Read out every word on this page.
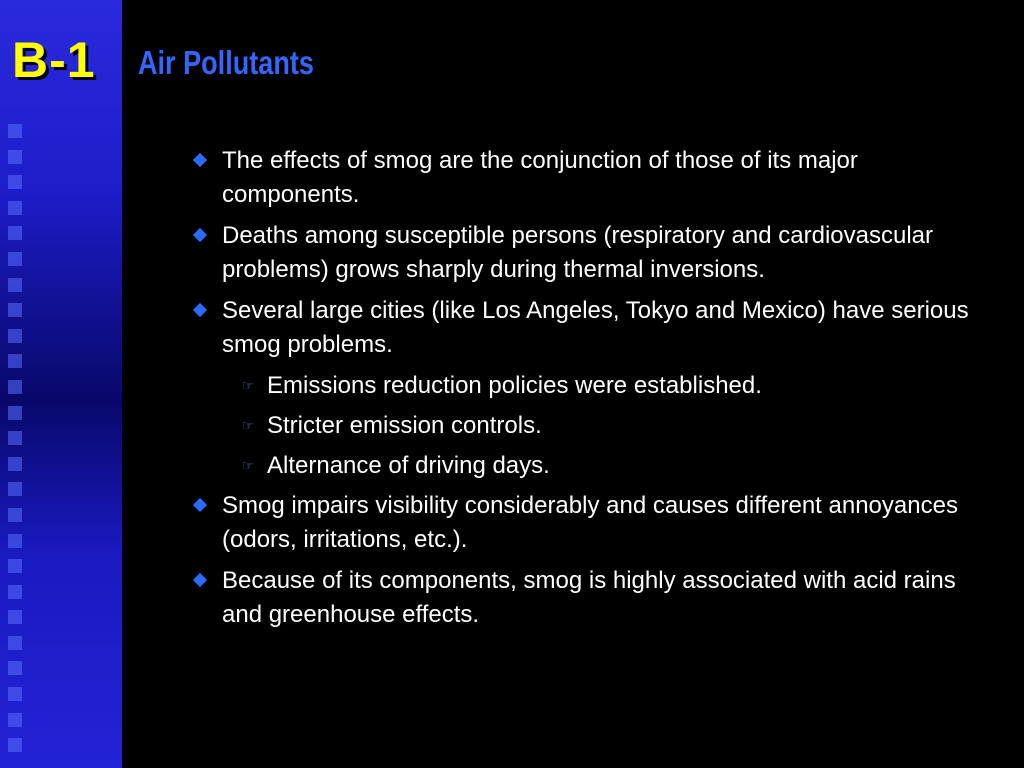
B-1 Air Pollutants
The effects of smog are the conjunction of those of its major components.
Deaths among susceptible persons (respiratory and cardiovascular problems) grows sharply during thermal inversions.
Several large cities (like Los Angeles, Tokyo and Mexico) have serious smog problems.
☞ Emissions reduction policies were established.
☞ Stricter emission controls.
☞ Alternance of driving days.
Smog impairs visibility considerably and causes different annoyances (odors, irritations, etc.).
Because of its components, smog is highly associated with acid rains and greenhouse effects.
